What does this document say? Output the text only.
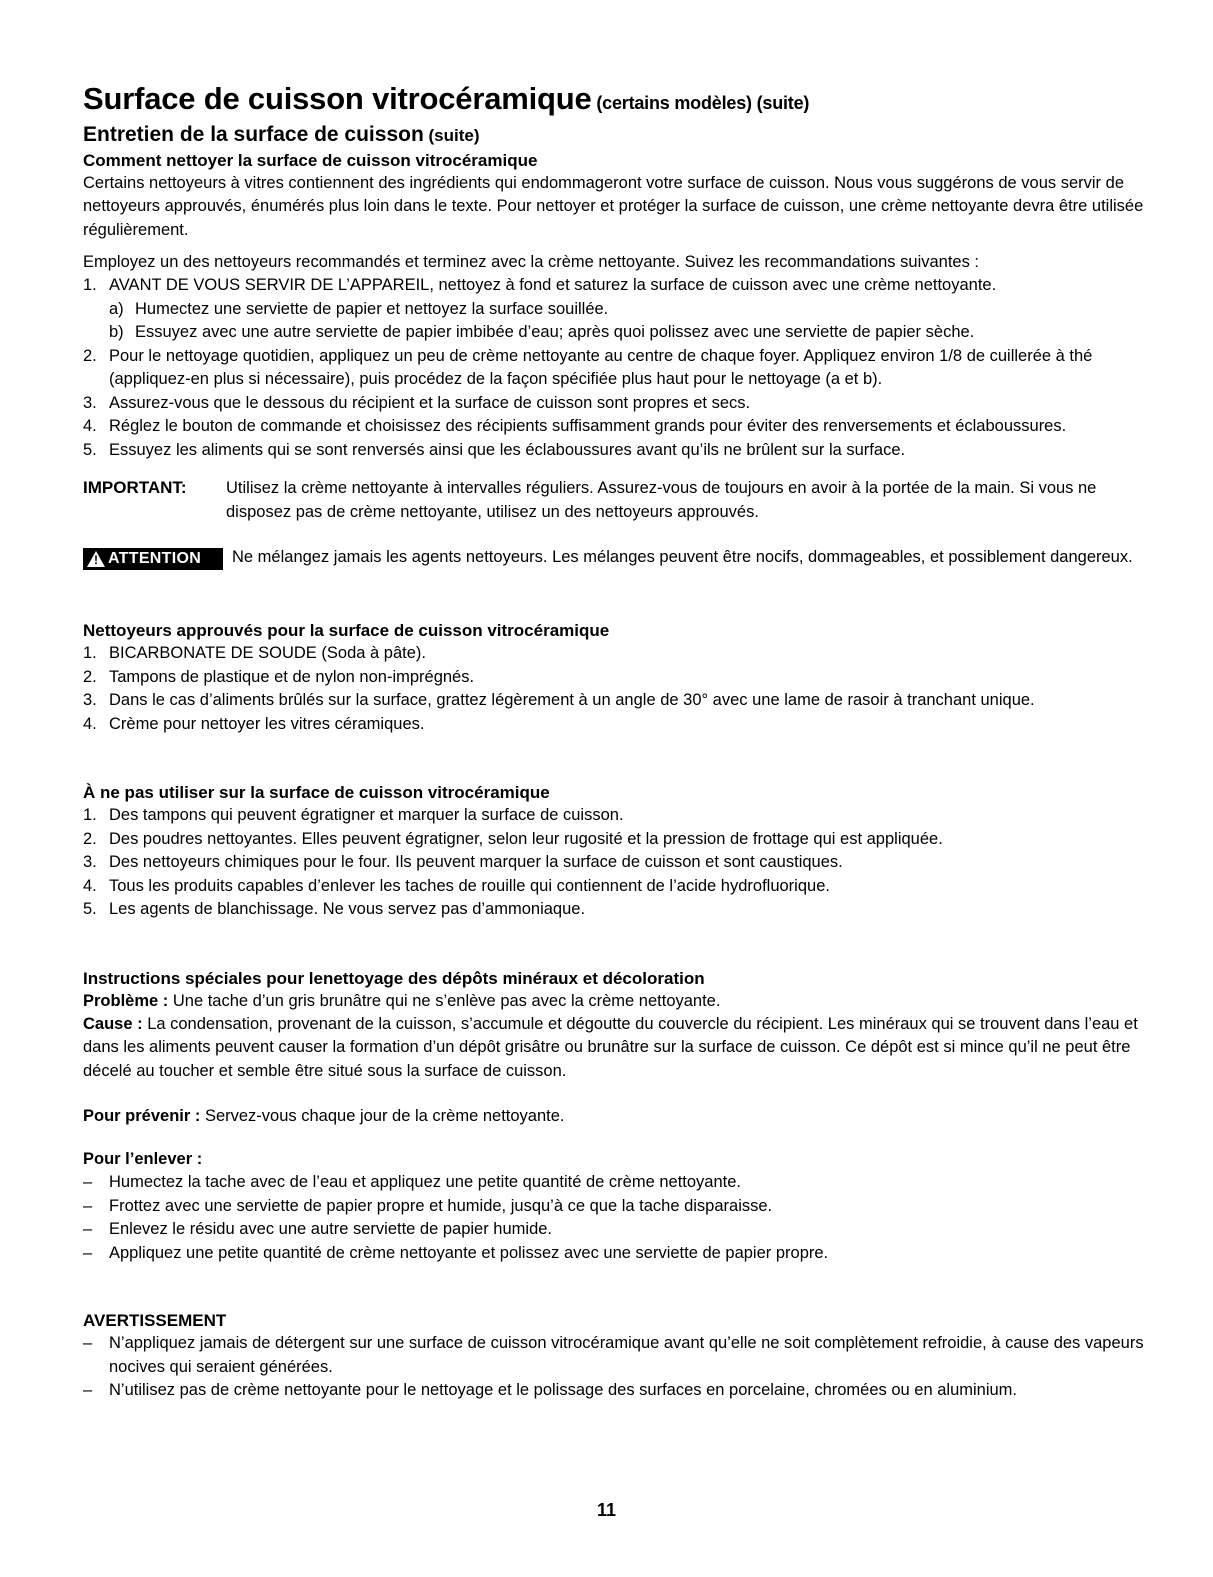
Surface de cuisson vitrocéramique (certains modèles) (suite)
Entretien de la surface de cuisson (suite)
Comment nettoyer la surface de cuisson vitrocéramique

Certains nettoyeurs à vitres contiennent des ingrédients qui endommageront votre surface de cuisson. Nous vous suggérons de vous servir de nettoyeurs approuvés, énumérés plus loin dans le texte. Pour nettoyer et protéger la surface de cuisson, une crème nettoyante devra être utilisée régulièrement.

Employez un des nettoyeurs recommandés et terminez avec la crème nettoyante. Suivez les recommandations suivantes :

1. AVANT DE VOUS SERVIR DE L’APPAREIL, nettoyez à fond et saturez la surface de cuisson avec une crème nettoyante.
a) Humectez une serviette de papier et nettoyez la surface souillée.
b) Essuyez avec une autre serviette de papier imbibée d’eau; après quoi polissez avec une serviette de papier sèche.
2. Pour le nettoyage quotidien, appliquez un peu de crème nettoyante au centre de chaque foyer. Appliquez environ 1/8 de cuillerée à thé (appliquez-en plus si nécessaire), puis procédez de la façon spécifiée plus haut pour le nettoyage (a et b).
3. Assurez-vous que le dessous du récipient et la surface de cuisson sont propres et secs.
4. Réglez le bouton de commande et choisissez des récipients suffisamment grands pour éviter des renversements et éclaboussures.
5. Essuyez les aliments qui se sont renversés ainsi que les éclaboussures avant qu’ils ne brûlent sur la surface.
IMPORTANT:	Utilisez la crème nettoyante à intervalles réguliers. Assurez-vous de toujours en avoir à la portée de la main. Si vous ne disposez pas de crème nettoyante, utilisez un des nettoyeurs approuvés.
! ATTENTION Ne mélangez jamais les agents nettoyeurs. Les mélanges peuvent être nocifs, dommageables, et possiblement dangereux.
Nettoyeurs approuvés pour la surface de cuisson vitrocéramique
1. BICARBONATE DE SOUDE (Soda à pâte).
2. Tampons de plastique et de nylon non-imprégnés.
3. Dans le cas d’aliments brûlés sur la surface, grattez légèrement à un angle de 30° avec une lame de rasoir à tranchant unique.
4. Crème pour nettoyer les vitres céramiques.
À ne pas utiliser sur la surface de cuisson vitrocéramique
1. Des tampons qui peuvent égratigner et marquer la surface de cuisson.
2. Des poudres nettoyantes. Elles peuvent égratigner, selon leur rugosité et la pression de frottage qui est appliquée.
3. Des nettoyeurs chimiques pour le four. Ils peuvent marquer la surface de cuisson et sont caustiques.
4. Tous les produits capables d’enlever les taches de rouille qui contiennent de l’acide hydrofluorique.
5. Les agents de blanchissage. Ne vous servez pas d’ammoniaque.
Instructions spéciales pour lenettoyage des dépôts minéraux et décoloration

Problème : Une tache d’un gris brunâtre qui ne s’enlève pas avec la crème nettoyante.

Cause : La condensation, provenant de la cuisson, s’accumule et dégoutte du couvercle du récipient. Les minéraux qui se trouvent dans l’eau et dans les aliments peuvent causer la formation d’un dépôt grisâtre ou brunâtre sur la surface de cuisson. Ce dépôt est si mince qu’il ne peut être décelé au toucher et semble être situé sous la surface de cuisson.

Pour prévenir : Servez-vous chaque jour de la crème nettoyante.

Pour l’enlever :

– Humectez la tache avec de l’eau et appliquez une petite quantité de crème nettoyante.
– Frottez avec une serviette de papier propre et humide, jusqu’à ce que la tache disparaisse.
– Enlevez le résidu avec une autre serviette de papier humide.
– Appliquez une petite quantité de crème nettoyante et polissez avec une serviette de papier propre.
AVERTISSEMENT
– N’appliquez jamais de détergent sur une surface de cuisson vitrocéramique avant qu’elle ne soit complètement refroidie, à cause des vapeurs nocives qui seraient générées.
– N’utilisez pas de crème nettoyante pour le nettoyage et le polissage des surfaces en porcelaine, chromées ou en aluminium.
11
